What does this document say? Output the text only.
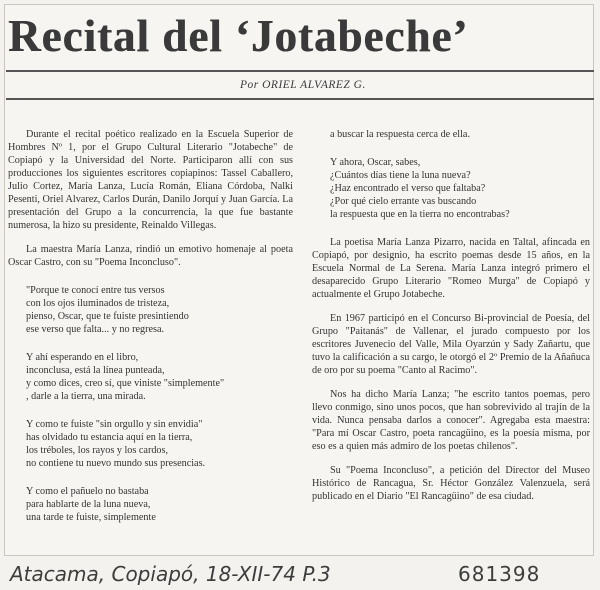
Recital del ‘Jotabeche’
Por ORIEL ALVAREZ G.

Durante el recital poético realizado en la Escuela Superior de Hombres Nº 1, por el Grupo Cultural Literario "Jotabeche" de Copiapó y la Universidad del Norte. Participaron allí con sus producciones los siguientes escritores copiapinos: Tassel Caballero, Julio Cortez, María Lanza, Lucía Román, Eliana Córdoba, Nalki Pesenti, Oriel Alvarez, Carlos Durán, Danilo Jorquí y Juan García. La presentación del Grupo a la concurrencia, la que fue bastante numerosa, la hizo su presidente, Reinaldo Villegas.

La maestra María Lanza, rindió un emotivo homenaje al poeta Oscar Castro, con su "Poema Inconcluso".

"Porque te conocí entre tus versos

con los ojos iluminados de tristeza,

pienso, Oscar, que te fuiste presintiendo

ese verso que falta... y no regresa.

Y ahí esperando en el libro,

inconclusa, está la línea punteada,

y como dices, creo sí, que viniste "simplemente"

, darle a la tierra, una mirada.

Y como te fuiste "sin orgullo y sin envidia"

has olvidado tu estancia aquí en la tierra,

los tréboles, los rayos y los cardos,

no contiene tu nuevo mundo sus presencias.

Y como el pañuelo no bastaba

para hablarte de la luna nueva,

una tarde te fuiste, simplemente

a buscar la respuesta cerca de ella.

Y ahora, Oscar, sabes,

¿Cuántos días tiene la luna nueva?

¿Haz encontrado el verso que faltaba?

¿Por qué cielo errante vas buscando

la respuesta que en la tierra no encontrabas?

La poetisa María Lanza Pizarro, nacida en Taltal, afincada en Copiapó, por designio, ha escrito poemas desde 15 años, en la Escuela Normal de La Serena. María Lanza integró primero el desaparecido Grupo Literario "Romeo Murga" de Copiapó y actualmente el Grupo Jotabeche.

En 1967 participó en el Concurso Bi-provincial de Poesía, del Grupo "Paitanás" de Vallenar, el jurado compuesto por los escritores Juvenecio del Valle, Mila Oyarzún y Sady Zañartu, que tuvo la calificación a su cargo, le otorgó el 2º Premio de la Añañuca de oro por su poema "Canto al Racimo".

Nos ha dicho María Lanza; "he escrito tantos poemas, pero llevo conmigo, sino unos pocos, que han sobrevivido al trajín de la vida. Nunca pensaba darlos a conocer". Agregaba esta maestra: "Para mí Oscar Castro, poeta rancagüino, es la poesía misma, por eso es a quien más admiro de los poetas chilenos".

Su "Poema Inconcluso", a petición del Director del Museo Histórico de Rancagua, Sr. Héctor González Valenzuela, será publicado en el Diario "El Rancagüino" de esa ciudad.

Atacama, Copiapó, 18-XII-74 P.3	681398
